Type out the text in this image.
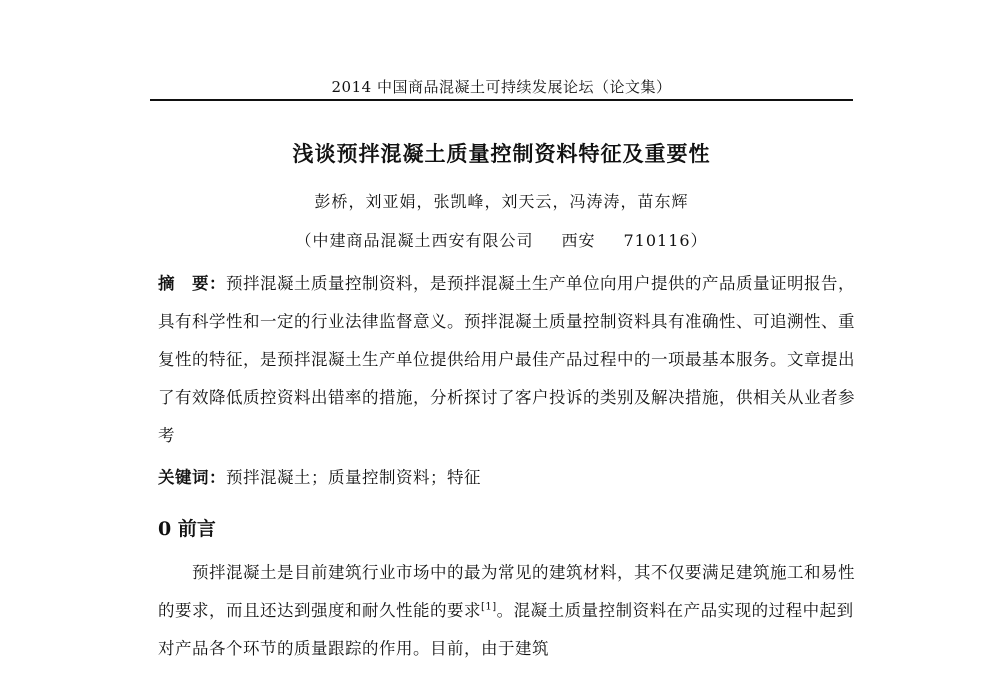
2014 中国商品混凝土可持续发展论坛（论文集）
浅谈预拌混凝土质量控制资料特征及重要性
彭桥，刘亚娟，张凯峰，刘天云，冯涛涛，苗东辉
（中建商品混凝土西安有限公司 西安 710116）

摘　要：预拌混凝土质量控制资料，是预拌混凝土生产单位向用户提供的产品质量证明报告，具有科学性和一定的行业法律监督意义。预拌混凝土质量控制资料具有准确性、可追溯性、重复性的特征，是预拌混凝土生产单位提供给用户最佳产品过程中的一项最基本服务。文章提出了有效降低质控资料出错率的措施，分析探讨了客户投诉的类别及解决措施，供相关从业者参考

关键词：预拌混凝土；质量控制资料；特征
0 前言

预拌混凝土是目前建筑行业市场中的最为常见的建筑材料，其不仅要满足建筑施工和易性的要求，而且还达到强度和耐久性能的要求[1]。混凝土质量控制资料在产品实现的过程中起到对产品各个环节的质量跟踪的作用。目前，由于建筑
